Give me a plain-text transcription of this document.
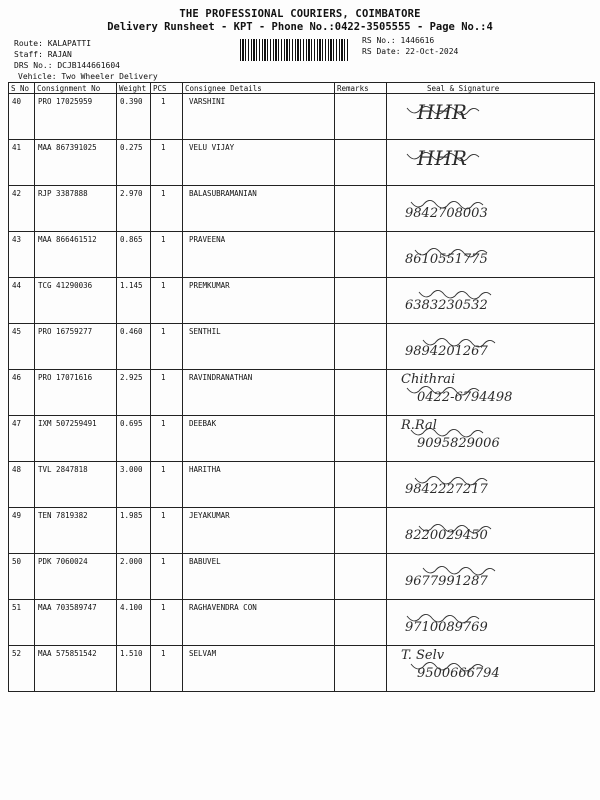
THE PROFESSIONAL COURIERS, COIMBATORE
Delivery Runsheet - KPT - Phone No.:0422-3505555 - Page No.:4
Route: KALAPATTI
Staff: RAJAN
DRS No.: DCJB144661604
Vehicle: Two Wheeler Delivery
RS No.: 1446616
RS Date: 22-Oct-2024
S No	Consignment No	Weight	PCS	Consignee Details	Remarks	Seal & Signature
40	PRO 17025959	0.390	1	VARSHINI		HHR

41	MAA 867391025	0.275	1	VELU VIJAY		HHR

42	RJP 3387888	2.970	1	BALASUBRAMANIAN		9842708003

43	MAA 866461512	0.865	1	PRAVEENA		8610551775

44	TCG 41290036	1.145	1	PREMKUMAR		6383230532

45	PRO 16759277	0.460	1	SENTHIL		9894201267

46	PRO 17071616	2.925	1	RAVINDRANATHAN		Chithrai
0422-6794498

47	IXM 507259491	0.695	1	DEEBAK		R.Ral
9095829006

48	TVL 2847818	3.000	1	HARITHA		9842227217

49	TEN 7819382	1.985	1	JEYAKUMAR		8220029450

50	PDK 7060024	2.000	1	BABUVEL		9677991287

51	MAA 703589747	4.100	1	RAGHAVENDRA CON		9710089769

52	MAA 575851542	1.510	1	SELVAM		T. Selv
9500666794
